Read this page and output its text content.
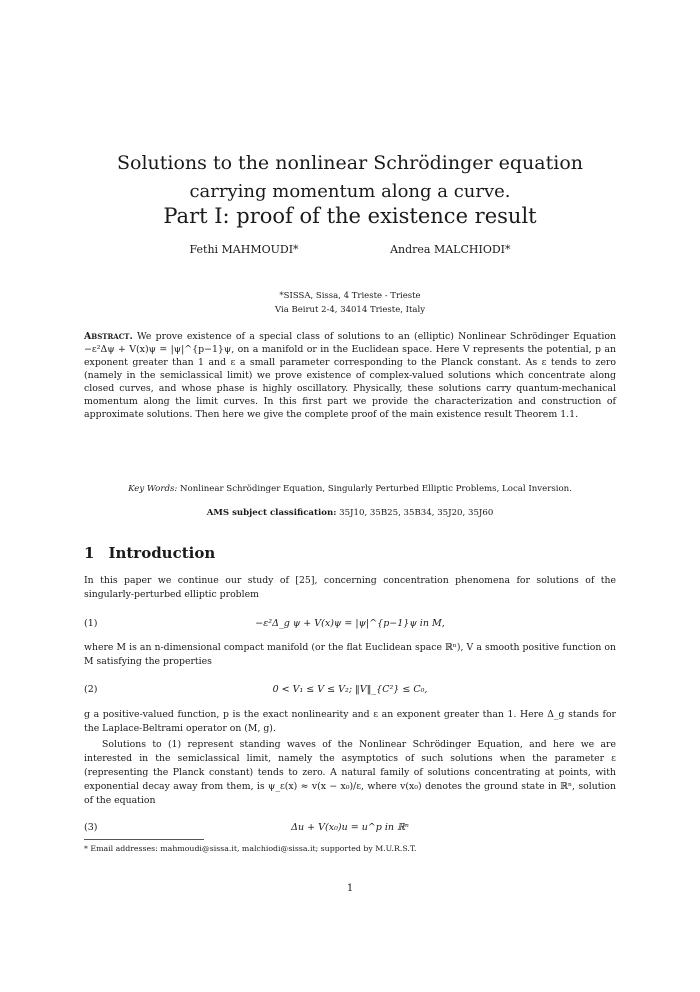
Solutions to the nonlinear Schrödinger equation
carrying momentum along a curve.
Part I: proof of the existence result
Fethi MAHMOUDI*	Andrea MALCHIODI*
*SISSA, Sissa, 4 Trieste - Trieste
Via Beirut 2-4, 34014 Trieste, Italy
Abstract. We prove existence of a special class of solutions to an (elliptic) Nonlinear Schrödinger Equation −ε²Δψ + V(x)ψ = |ψ|^{p−1}ψ, on a manifold or in the Euclidean space. Here V represents the potential, p an exponent greater than 1 and ε a small parameter corresponding to the Planck constant. As ε tends to zero (namely in the semiclassical limit) we prove existence of complex-valued solutions which concentrate along closed curves, and whose phase is highly oscillatory. Physically, these solutions carry quantum-mechanical momentum along the limit curves. In this first part we provide the characterization and construction of approximate solutions. Then here we give the complete proof of the main existence result Theorem 1.1.
Key Words: Nonlinear Schrödinger Equation, Singularly Perturbed Elliptic Problems, Local Inversion.
AMS subject classification: 35J10, 35B25, 35B34, 35J20, 35J60
1 Introduction
In this paper we continue our study of [25], concerning concentration phenomena for solutions of the singularly-perturbed elliptic problem
(1)	−ε²Δ_g ψ + V(x)ψ = |ψ|^{p−1}ψ in M,
where M is an n-dimensional compact manifold (or the flat Euclidean space ℝⁿ), V a smooth positive function on M satisfying the properties
(2)	0 < V₁ ≤ V ≤ V₂; ‖V‖_{C²} ≤ C₀,
g a positive-valued function, p is the exact nonlinearity and ε an exponent greater than 1. Here Δ_g stands for the Laplace-Beltrami operator on (M, g).
Solutions to (1) represent standing waves of the Nonlinear Schrödinger Equation, and here we are interested in the semiclassical limit, namely the asymptotics of such solutions when the parameter ε (representing the Planck constant) tends to zero. A natural family of solutions concentrating at points, with exponential decay away from them, is ψ_ε(x) ≈ v(x − x₀)/ε, where v(x₀) denotes the ground state in ℝⁿ, solution of the equation
(3)	Δu + V(x₀)u = u^p in ℝⁿ
* Email addresses: mahmoudi@sissa.it, malchiodi@sissa.it; supported by M.U.R.S.T.
1
